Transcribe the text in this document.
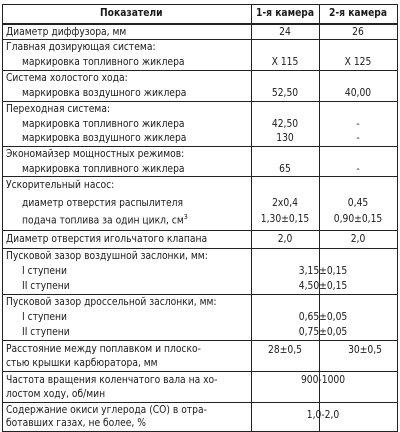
Показатели	1-я камера	2-я камера
Диаметр диффузора, мм	24	26
Главная дозирующая система:
маркировка топливного жиклера	Х 115	Х 125
Система холостого хода:
маркировка воздушного жиклера	52,50	40,00
Переходная система:
маркировка топливного жиклера	42,50	-
маркировка воздушного жиклера	130	-
Экономайзер мощностных режимов:
маркировка топливного жиклера	65	-
Ускорительный насос:
диаметр отверстия распылителя	2х0,4	0,45
подача топлива за один цикл, $см^3$	1,30±0,15	0,90±0,15
Диаметр отверстия игольчатого клапана	2,0	2,0
Пусковой зазор воздушной заслонки, мм:
I ступени	3,15±0,15
II ступени	4,50±0,15
Пусковой зазор дроссельной заслонки, мм:
I ступени	0,65±0,05
II ступени	0,75±0,05
Расстояние между поплавком и плоско-
стью крышки карбюратора, мм
28±0,5	30±0,5
Частота вращения коленчатого вала на хо-
лостом ходу, об/мин
900-1000
Содержание окиси углерода (СО) в отра-
ботавших газах, не более, %
1,0-2,0
